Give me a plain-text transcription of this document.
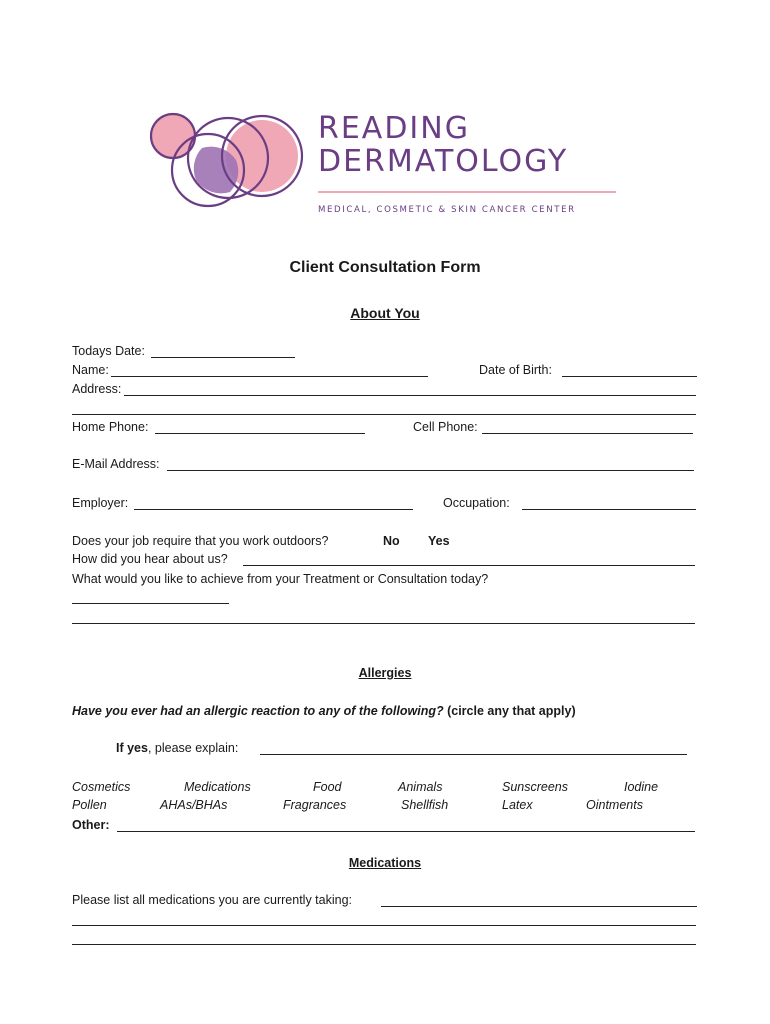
READING
DERMATOLOGY
MEDICAL, COSMETIC & SKIN CANCER CENTER
Client Consultation Form
About You
Todays Date:
Name:	Date of Birth:
Address:
Home Phone:	Cell Phone:
E-Mail Address:
Employer:	Occupation:
Does your job require that you work outdoors?	No Yes
How did you hear about us?
What would you like to achieve from your Treatment or Consultation today?
Allergies
Have you ever had an allergic reaction to any of the following? (circle any that apply)
If yes, please explain:
Cosmetics	Medications	Food	Animals	Sunscreens	Iodine
Pollen	AHAs/BHAs	Fragrances	Shellfish	Latex	Ointments
Other:
Medications
Please list all medications you are currently taking:
